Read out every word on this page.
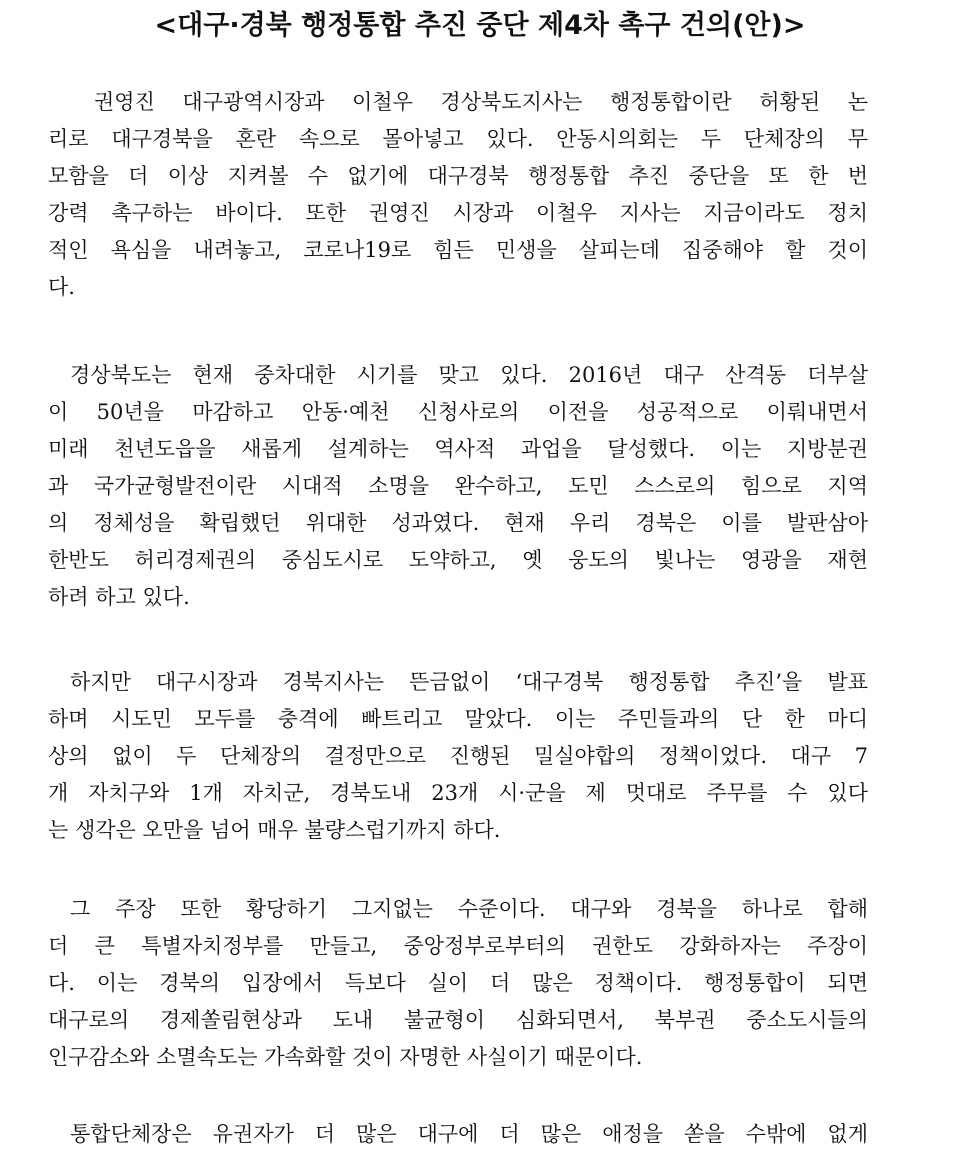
<대구·경북 행정통합 추진 중단 제4차 촉구 건의(안)>
권영진 대구광역시장과 이철우 경상북도지사는 행정통합이란 허황된 논
리로 대구경북을 혼란 속으로 몰아넣고 있다. 안동시의회는 두 단체장의 무
모함을 더 이상 지켜볼 수 없기에 대구경북 행정통합 추진 중단을 또 한 번
강력 촉구하는 바이다. 또한 권영진 시장과 이철우 지사는 지금이라도 정치
적인 욕심을 내려놓고, 코로나19로 힘든 민생을 살피는데 집중해야 할 것이
다.
경상북도는 현재 중차대한 시기를 맞고 있다. 2016년 대구 산격동 더부살
이 50년을 마감하고 안동·예천 신청사로의 이전을 성공적으로 이뤄내면서
미래 천년도읍을 새롭게 설계하는 역사적 과업을 달성했다. 이는 지방분권
과 국가균형발전이란 시대적 소명을 완수하고, 도민 스스로의 힘으로 지역
의 정체성을 확립했던 위대한 성과였다. 현재 우리 경북은 이를 발판삼아
한반도 허리경제권의 중심도시로 도약하고, 옛 웅도의 빛나는 영광을 재현
하려 하고 있다.
하지만 대구시장과 경북지사는 뜬금없이 ‘대구경북 행정통합 추진’을 발표
하며 시도민 모두를 충격에 빠트리고 말았다. 이는 주민들과의 단 한 마디
상의 없이 두 단체장의 결정만으로 진행된 밀실야합의 정책이었다. 대구 7
개 자치구와 1개 자치군, 경북도내 23개 시·군을 제 멋대로 주무를 수 있다
는 생각은 오만을 넘어 매우 불량스럽기까지 하다.
그 주장 또한 황당하기 그지없는 수준이다. 대구와 경북을 하나로 합해
더 큰 특별자치정부를 만들고, 중앙정부로부터의 권한도 강화하자는 주장이
다. 이는 경북의 입장에서 득보다 실이 더 많은 정책이다. 행정통합이 되면
대구로의 경제쏠림현상과 도내 불균형이 심화되면서, 북부권 중소도시들의
인구감소와 소멸속도는 가속화할 것이 자명한 사실이기 때문이다.
통합단체장은 유권자가 더 많은 대구에 더 많은 애정을 쏟을 수밖에 없게
